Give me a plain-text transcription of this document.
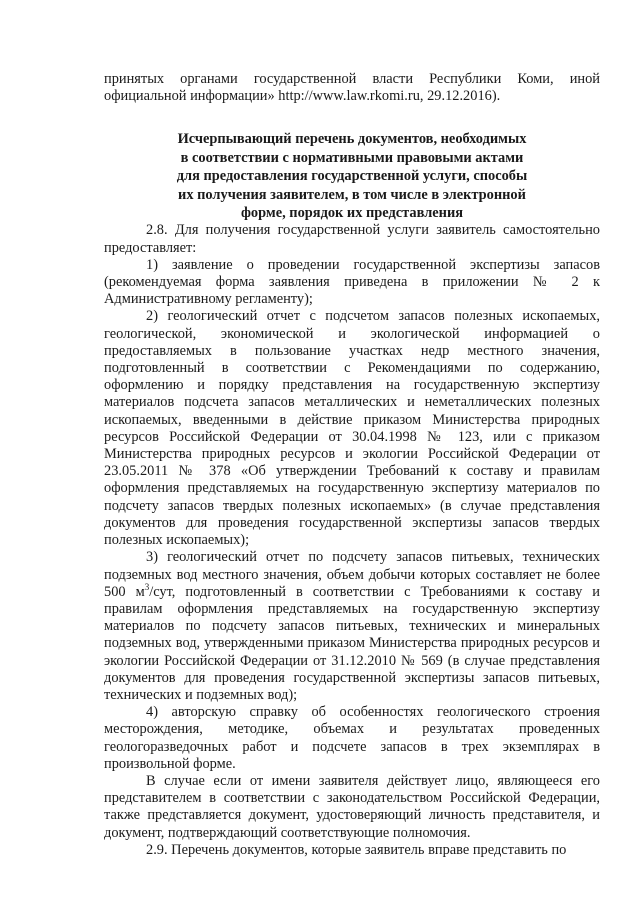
принятых органами государственной власти Республики Коми, иной официальной информации» http://www.law.rkomi.ru, 29.12.2016).

Исчерпывающий перечень документов, необходимых
в соответствии с нормативными правовыми актами
для предоставления государственной услуги, способы
их получения заявителем, в том числе в электронной
форме, порядок их представления

2.8. Для получения государственной услуги заявитель самостоятельно предоставляет:

1) заявление о проведении государственной экспертизы запасов (рекомендуемая форма заявления приведена в приложении № 2 к Административному регламенту);

2) геологический отчет с подсчетом запасов полезных ископаемых, геологической, экономической и экологической информацией о предоставляемых в пользование участках недр местного значения, подготовленный в соответствии с Рекомендациями по содержанию, оформлению и порядку представления на государственную экспертизу материалов подсчета запасов металлических и неметаллических полезных ископаемых, введенными в действие приказом Министерства природных ресурсов Российской Федерации от 30.04.1998 № 123, или с приказом Министерства природных ресурсов и экологии Российской Федерации от 23.05.2011 № 378 «Об утверждении Требований к составу и правилам оформления представляемых на государственную экспертизу материалов по подсчету запасов твердых полезных ископаемых» (в случае представления документов для проведения государственной экспертизы запасов твердых полезных ископаемых);

3) геологический отчет по подсчету запасов питьевых, технических подземных вод местного значения, объем добычи которых составляет не более 500 $м^3$/сут, подготовленный в соответствии с Требованиями к составу и правилам оформления представляемых на государственную экспертизу материалов по подсчету запасов питьевых, технических и минеральных подземных вод, утвержденными приказом Министерства природных ресурсов и экологии Российской Федерации от 31.12.2010 № 569 (в случае представления документов для проведения государственной экспертизы запасов питьевых, технических и подземных вод);

4) авторскую справку об особенностях геологического строения месторождения, методике, объемах и результатах проведенных геологоразведочных работ и подсчете запасов в трех экземплярах в произвольной форме.

В случае если от имени заявителя действует лицо, являющееся его представителем в соответствии с законодательством Российской Федерации, также представляется документ, удостоверяющий личность представителя, и документ, подтверждающий соответствующие полномочия.

2.9. Перечень документов, которые заявитель вправе представить по
